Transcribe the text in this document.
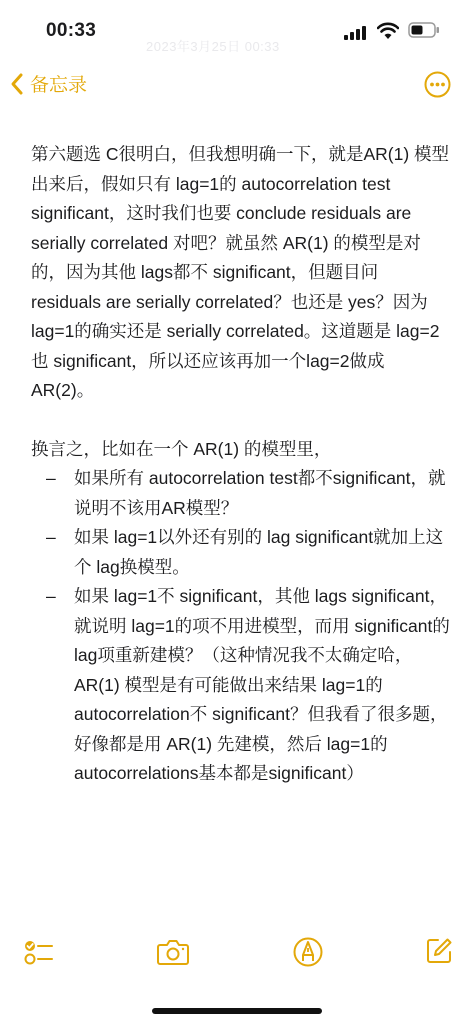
00:33
2023年3月25日 00:33
备忘录

第六题选 C很明白，但我想明确一下，就是AR(1) 模型出来后，假如只有 lag=1的 autocorrelation test significant，这时我们也要 conclude residuals are serially correlated 对吧？就虽然 AR(1) 的模型是对的，因为其他 lags都不 significant，但题目问 residuals are serially correlated？也还是 yes？因为lag=1的确实还是 serially correlated。这道题是 lag=2也 significant，所以还应该再加一个lag=2做成 AR(2)。

换言之，比如在一个 AR(1) 的模型里，

– 如果所有 autocorrelation test都不significant，就说明不该用AR模型？
– 如果 lag=1以外还有别的 lag significant就加上这个 lag换模型。
– 如果 lag=1不 significant，其他 lags significant，就说明 lag=1的项不用进模型，而用 significant的 lag项重新建模？（这种情况我不太确定哈，AR(1) 模型是有可能做出来结果 lag=1的 autocorrelation不 significant？但我看了很多题，好像都是用 AR(1) 先建模，然后 lag=1的 autocorrelations基本都是significant）
